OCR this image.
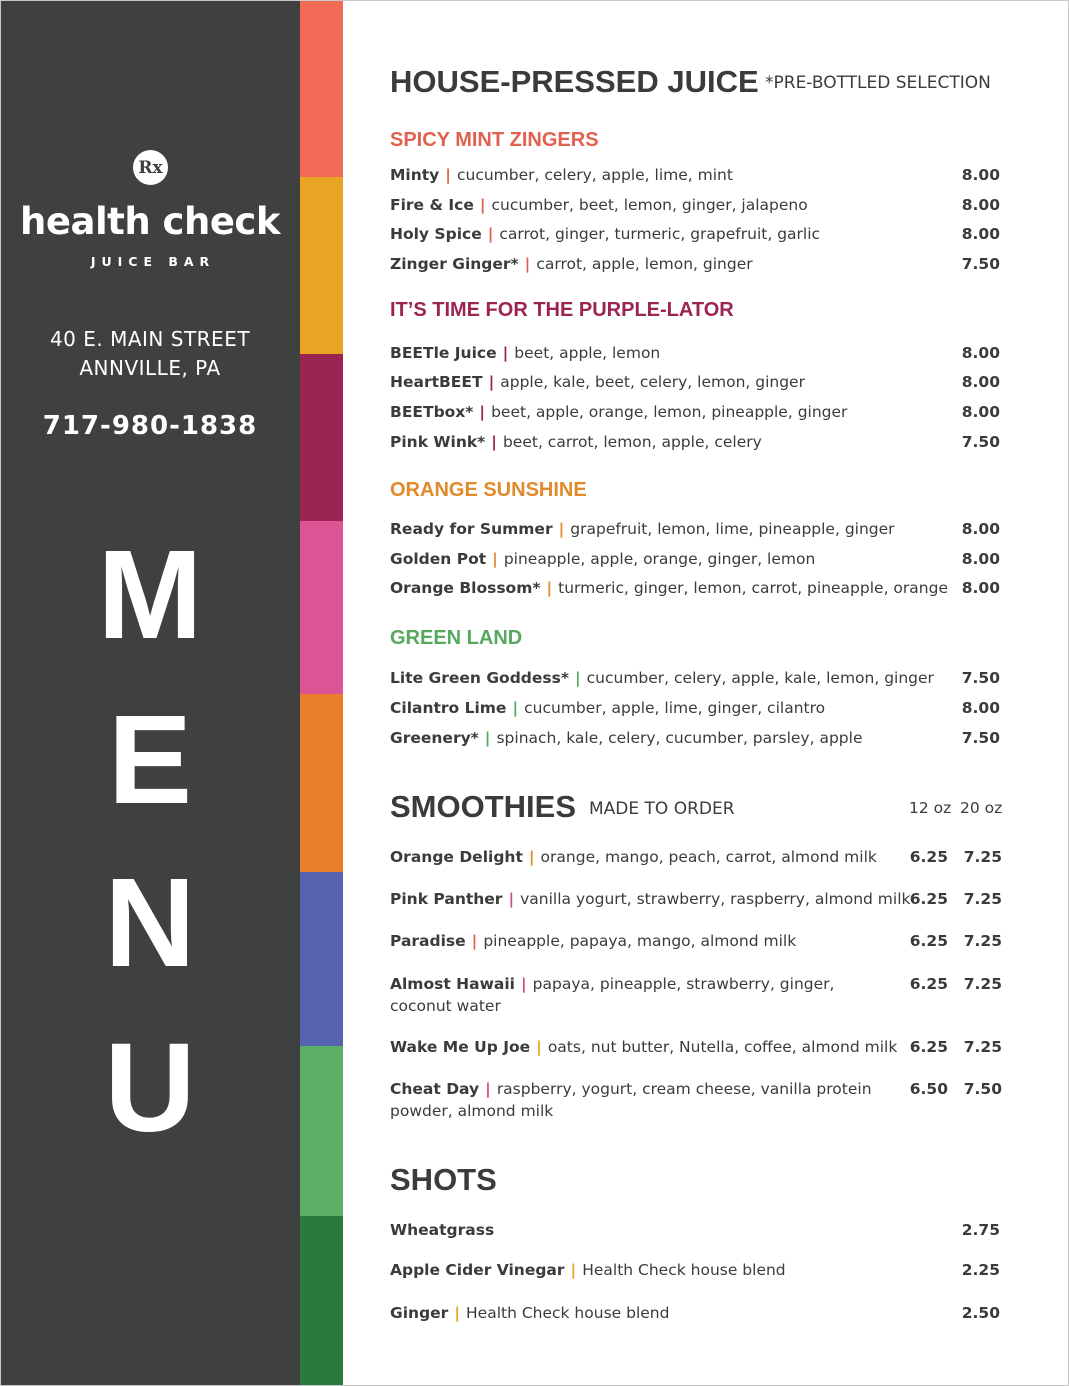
Rx
health check
JUICE BAR
40 E. MAIN STREET
ANNVILLE, PA
717-980-1838
M
E
N
U
HOUSE-PRESSED JUICE *PRE-BOTTLED SELECTION
SPICY MINT ZINGERS
Minty | cucumber, celery, apple, lime, mint	8.00
Fire & Ice | cucumber, beet, lemon, ginger, jalapeno	8.00
Holy Spice | carrot, ginger, turmeric, grapefruit, garlic	8.00
Zinger Ginger* | carrot, apple, lemon, ginger	7.50
IT’S TIME FOR THE PURPLE-LATOR
BEETle Juice | beet, apple, lemon	8.00
HeartBEET | apple, kale, beet, celery, lemon, ginger	8.00
BEETbox* | beet, apple, orange, lemon, pineapple, ginger	8.00
Pink Wink* | beet, carrot, lemon, apple, celery	7.50
ORANGE SUNSHINE
Ready for Summer | grapefruit, lemon, lime, pineapple, ginger	8.00
Golden Pot | pineapple, apple, orange, ginger, lemon	8.00
Orange Blossom* | turmeric, ginger, lemon, carrot, pineapple, orange 8.00
GREEN LAND
Lite Green Goddess* | cucumber, celery, apple, kale, lemon, ginger 7.50
Cilantro Lime | cucumber, apple, lime, ginger, cilantro	8.00
Greenery* | spinach, kale, celery, cucumber, parsley, apple	7.50
SMOOTHIES MADE TO ORDER	12 oz 20 oz
Orange Delight | orange, mango, peach, carrot, almond milk	6.25	7.25
Pink Panther | vanilla yogurt, strawberry, raspberry, almond milk 6.25	7.25
Paradise | pineapple, papaya, mango, almond milk	6.25	7.25
Almost Hawaii | papaya, pineapple, strawberry, ginger,
coconut water
6.25	7.25
Wake Me Up Joe | oats, nut butter, Nutella, coffee, almond milk 6.25	7.25
Cheat Day | raspberry, yogurt, cream cheese, vanilla protein
powder, almond milk
6.50	7.50
SHOTS
Wheatgrass	2.75
Apple Cider Vinegar | Health Check house blend	2.25
Ginger | Health Check house blend	2.50
